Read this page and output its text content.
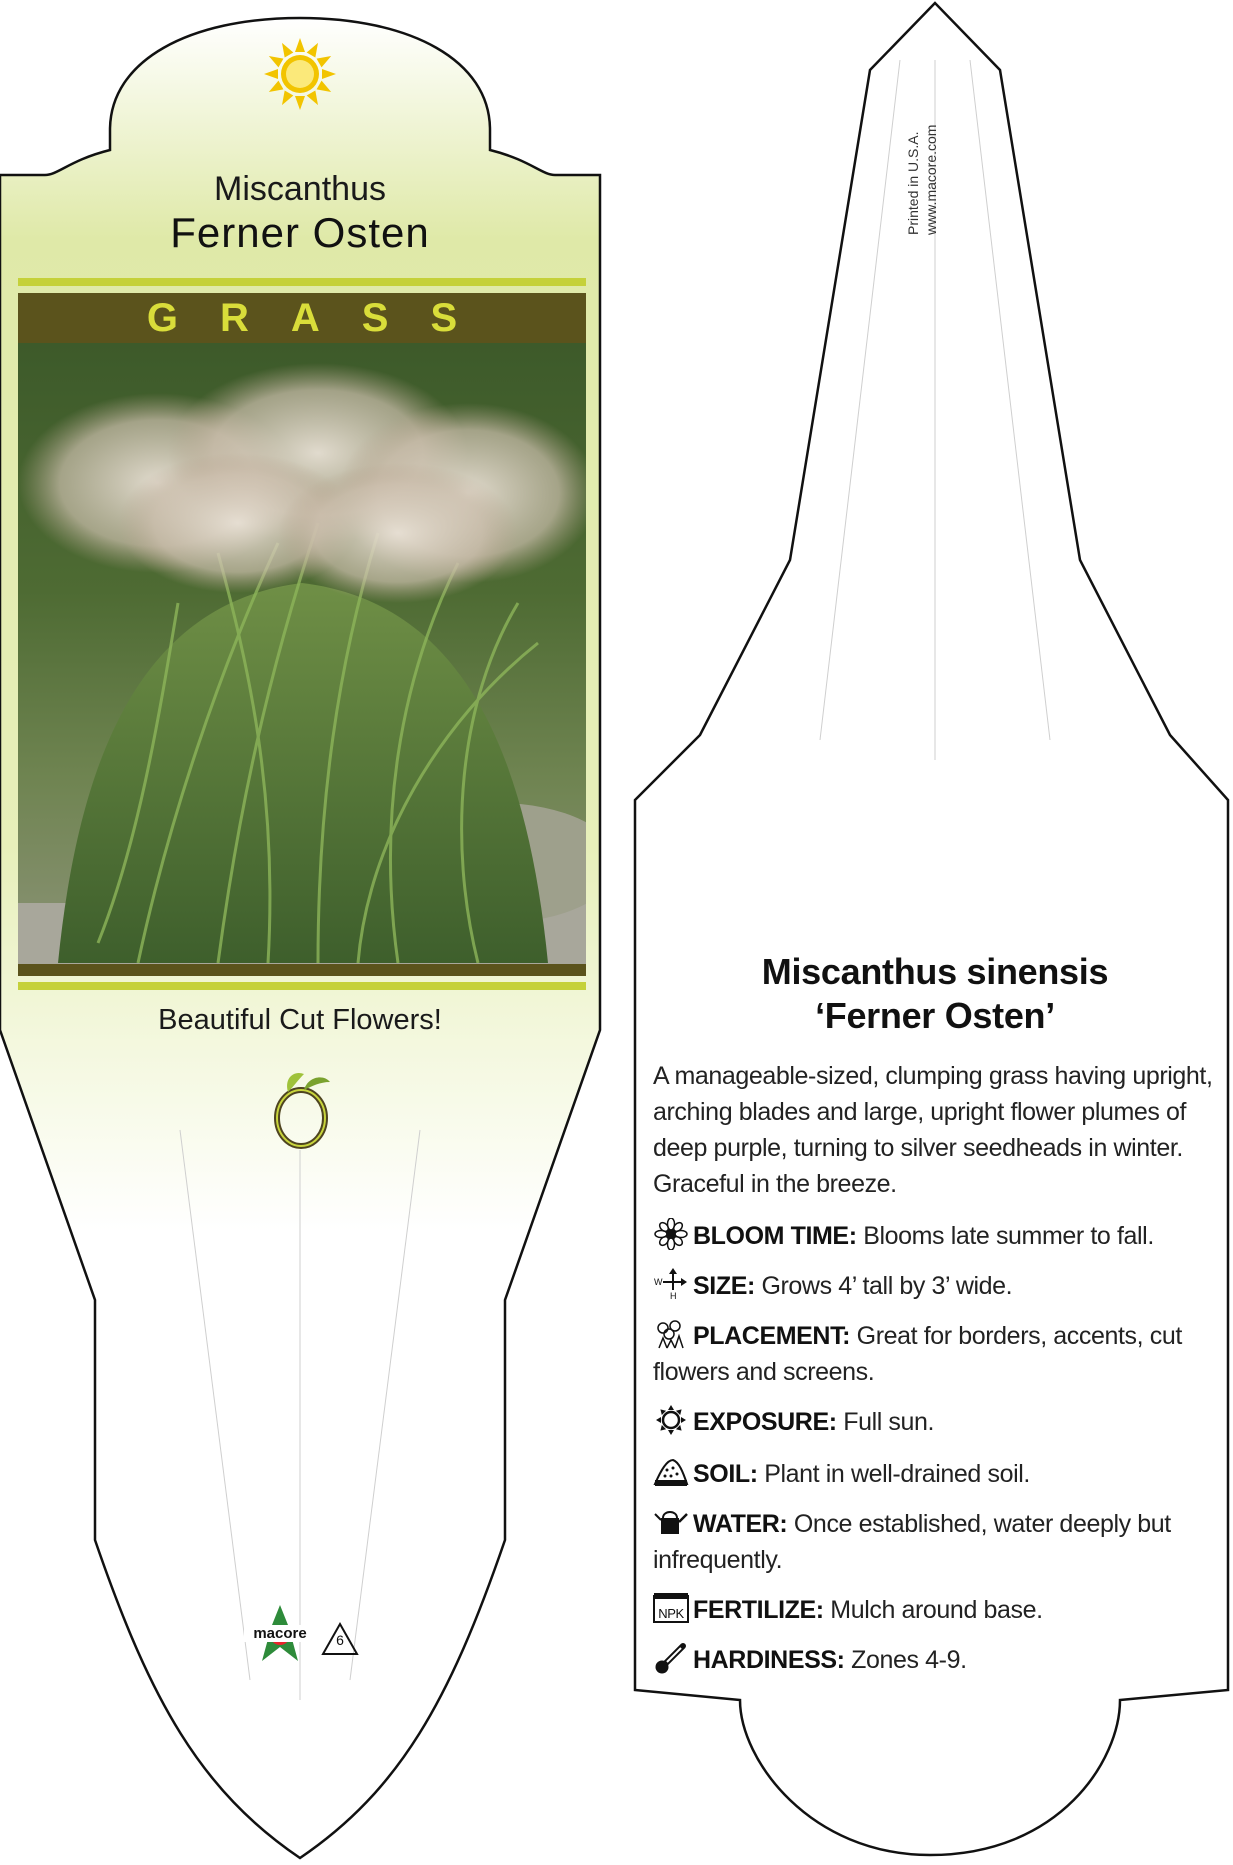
Miscanthus
Ferner Osten
GRASS
Beautiful Cut Flowers!
macore	6
Printed in U.S.A. www.macore.com
Miscanthus sinensis
‘Ferner Osten’
A manageable-sized, clumping grass having upright, arching blades and large, upright flower plumes of deep purple, turning to silver seedheads in winter. Graceful in the breeze.
BLOOM TIME: Blooms late summer to fall.
W
H SIZE: Grows 4’ tall by 3’ wide.
PLACEMENT: Great for borders, accents, cut flowers and screens.
EXPOSURE: Full sun.
SOIL: Plant in well-drained soil.
WATER: Once established, water deeply but infrequently.
NPK FERTILIZE: Mulch around base.
HARDINESS: Zones 4-9.
